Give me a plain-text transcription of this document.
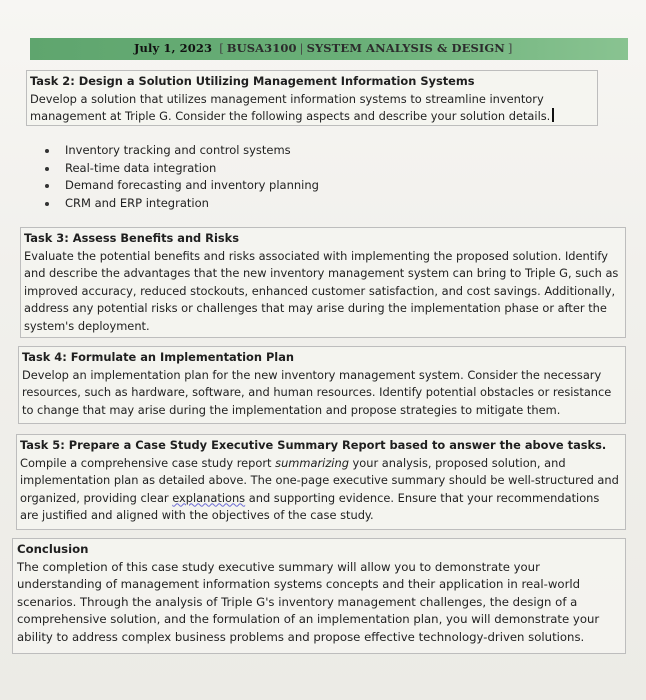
July 1, 2023 [ BUSA3100 | SYSTEM ANALYSIS & DESIGN ]
Task 2: Design a Solution Utilizing Management Information Systems
Develop a solution that utilizes management information systems to streamline inventory management at Triple G. Consider the following aspects and describe your solution details.
Inventory tracking and control systems
Real-time data integration
Demand forecasting and inventory planning
CRM and ERP integration
Task 3: Assess Benefits and Risks
Evaluate the potential benefits and risks associated with implementing the proposed solution. Identify and describe the advantages that the new inventory management system can bring to Triple G, such as improved accuracy, reduced stockouts, enhanced customer satisfaction, and cost savings. Additionally, address any potential risks or challenges that may arise during the implementation phase or after the system's deployment.
Task 4: Formulate an Implementation Plan
Develop an implementation plan for the new inventory management system. Consider the necessary resources, such as hardware, software, and human resources. Identify potential obstacles or resistance to change that may arise during the implementation and propose strategies to mitigate them.
Task 5: Prepare a Case Study Executive Summary Report based to answer the above tasks.
Compile a comprehensive case study report summarizing your analysis, proposed solution, and implementation plan as detailed above. The one-page executive summary should be well-structured and organized, providing clear explanations and supporting evidence. Ensure that your recommendations are justified and aligned with the objectives of the case study.
Conclusion
The completion of this case study executive summary will allow you to demonstrate your understanding of management information systems concepts and their application in real-world scenarios. Through the analysis of Triple G's inventory management challenges, the design of a comprehensive solution, and the formulation of an implementation plan, you will demonstrate your ability to address complex business problems and propose effective technology-driven solutions.
